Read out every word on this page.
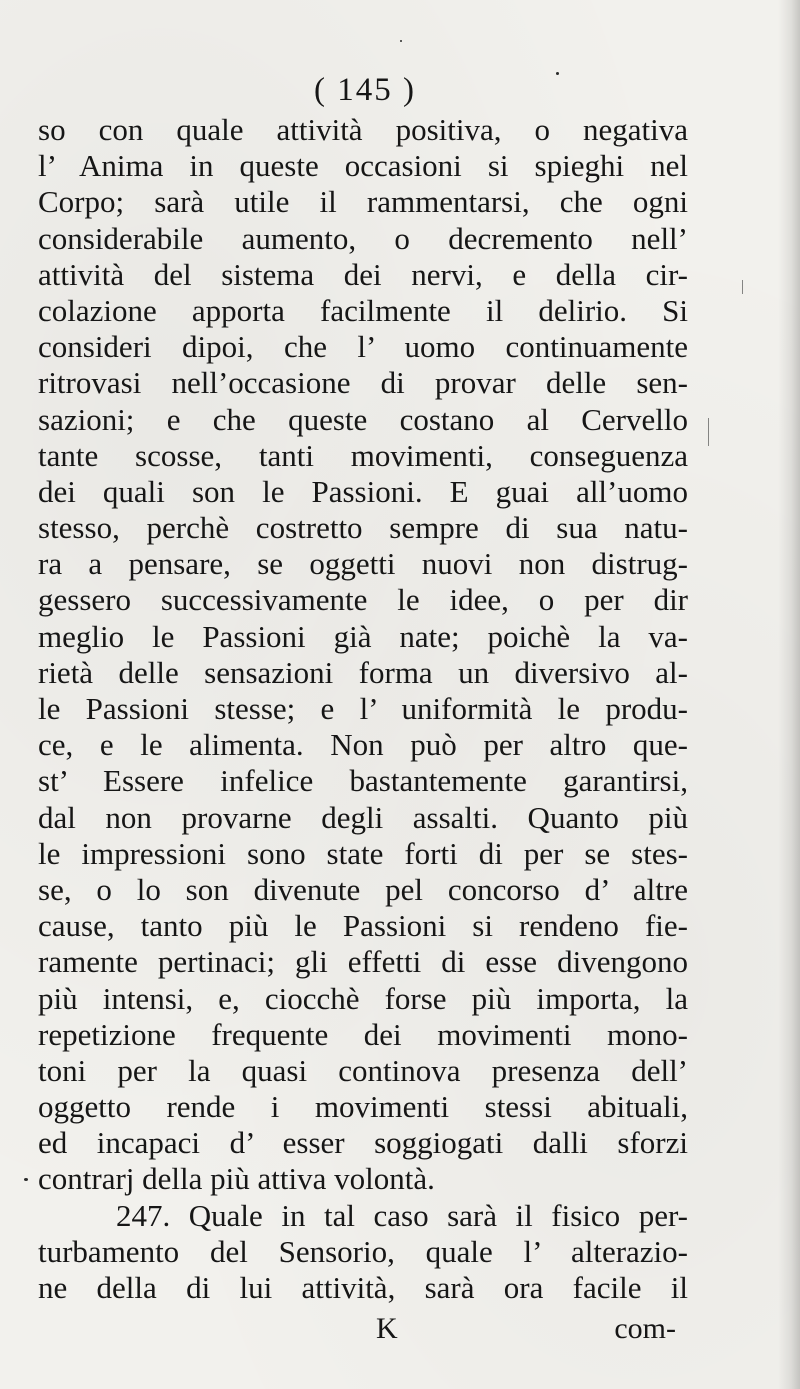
( 145 )
so con quale attività positiva, o negativa
l’ Anima in queste occasioni si spieghi nel
Corpo; sarà utile il rammentarsi, che ogni
considerabile aumento, o decremento nell’
attività del sistema dei nervi, e della cir-
colazione apporta facilmente il delirio. Si
consideri dipoi, che l’ uomo continuamente
ritrovasi nell’occasione di provar delle sen-
sazioni; e che queste costano al Cervello
tante scosse, tanti movimenti, conseguenza
dei quali son le Passioni. E guai all’uomo
stesso, perchè costretto sempre di sua natu-
ra a pensare, se oggetti nuovi non distrug-
gessero successivamente le idee, o per dir
meglio le Passioni già nate; poichè la va-
rietà delle sensazioni forma un diversivo al-
le Passioni stesse; e l’ uniformità le produ-
ce, e le alimenta. Non può per altro que-
st’ Essere infelice bastantemente garantirsi,
dal non provarne degli assalti. Quanto più
le impressioni sono state forti di per se stes-
se, o lo son divenute pel concorso d’ altre
cause, tanto più le Passioni si rendeno fie-
ramente pertinaci; gli effetti di esse divengono
più intensi, e, ciocchè forse più importa, la
repetizione frequente dei movimenti mono-
toni per la quasi continova presenza dell’
oggetto rende i movimenti stessi abituali,
ed incapaci d’ esser soggiogati dalli sforzi
contrarj della più attiva volontà.
247. Quale in tal caso sarà il fisico per-
turbamento del Sensorio, quale l’ alterazio-
ne della di lui attività, sarà ora facile il
K	com-
